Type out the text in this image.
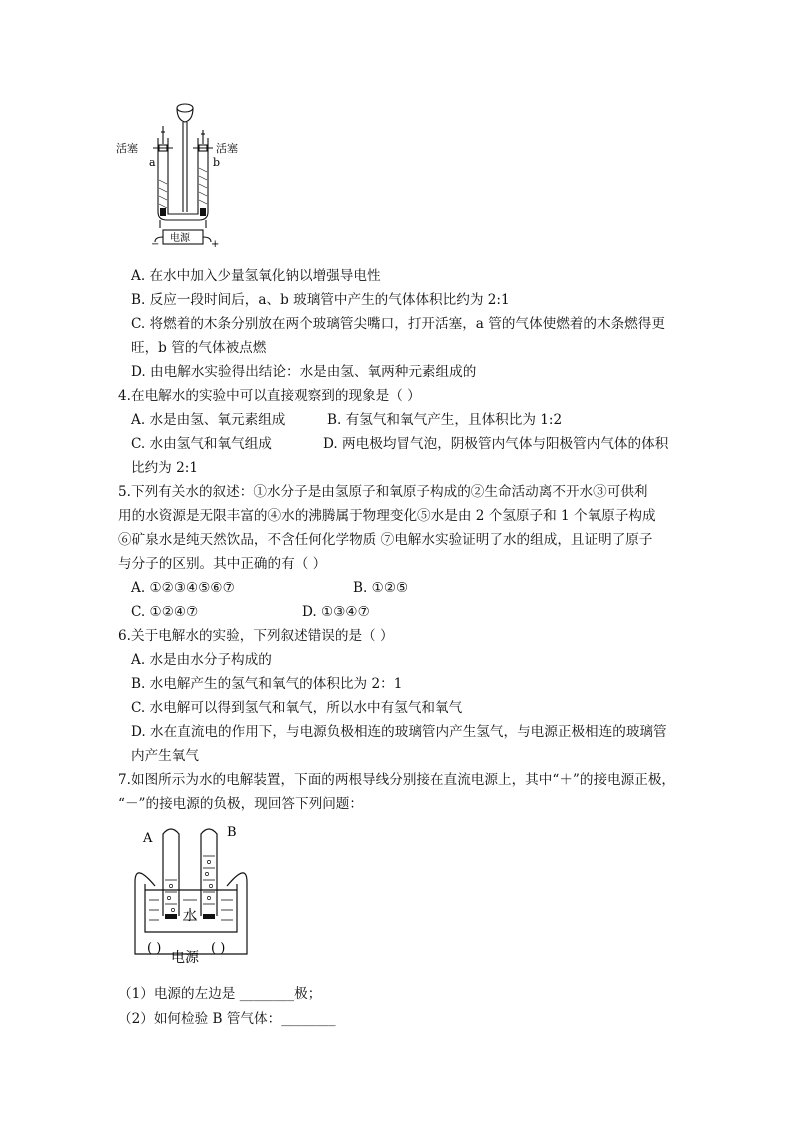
活塞	活塞
a	b
电源
−	+
A. 在水中加入少量氢氧化钠以增强导电性
B. 反应一段时间后，a、b 玻璃管中产生的气体体积比约为 2:1
C. 将燃着的木条分别放在两个玻璃管尖嘴口，打开活塞，a 管的气体使燃着的木条燃得更
旺，b 管的气体被点燃
D. 由电解水实验得出结论：水是由氢、氧两种元素组成的
4.在电解水的实验中可以直接观察到的现象是（ ）
A. 水是由氢、氧元素组成	B. 有氢气和氧气产生，且体积比为 1:2
C. 水由氢气和氧气组成	D. 两电极均冒气泡，阴极管内气体与阳极管内气体的体积
比约为 2:1
5.下列有关水的叙述：①水分子是由氢原子和氧原子构成的②生命活动离不开水③可供利
用的水资源是无限丰富的④水的沸腾属于物理变化⑤水是由 2 个氢原子和 1 个氧原子构成
⑥矿泉水是纯天然饮品，不含任何化学物质 ⑦电解水实验证明了水的组成，且证明了原子
与分子的区别。其中正确的有（ ）
A. ①②③④⑤⑥⑦	B. ①②⑤
C. ①②④⑦	D. ①③④⑦
6.关于电解水的实验，下列叙述错误的是（ ）
A. 水是由水分子构成的
B. 水电解产生的氢气和氧气的体积比为 2：1
C. 水电解可以得到氢气和氧气，所以水中有氢气和氧气
D. 水在直流电的作用下，与电源负极相连的玻璃管内产生氢气，与电源正极相连的玻璃管
内产生氧气
7.如图所示为水的电解装置，下面的两根导线分别接在直流电源上，其中“＋”的接电源正极，
“－”的接电源的负极，现回答下列问题：
A	B
水
电源
( )	( )
（1）电源的左边是 ________极；
（2）如何检验 B 管气体：________
